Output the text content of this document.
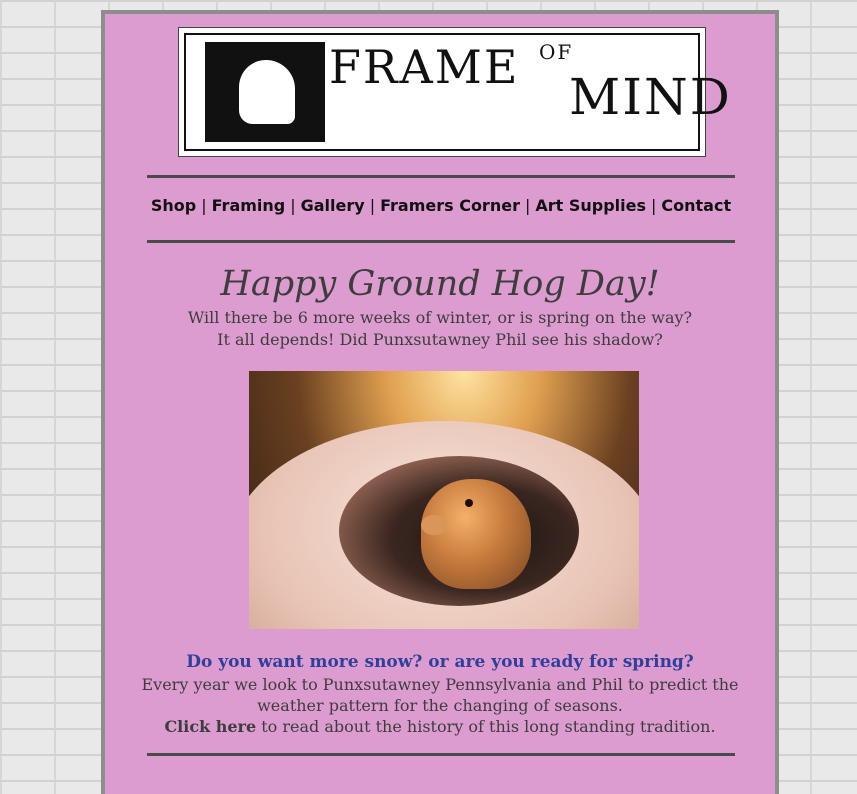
FRAME OF
MIND
Shop | Framing | Gallery | Framers Corner | Art Supplies | Contact
Happy Ground Hog Day!
Will there be 6 more weeks of winter, or is spring on the way?
It all depends! Did Punxsutawney Phil see his shadow?
Do you want more snow? or are you ready for spring?
Every year we look to Punxsutawney Pennsylvania and Phil to predict the
weather pattern for the changing of seasons.
Click here to read about the history of this long standing tradition.
